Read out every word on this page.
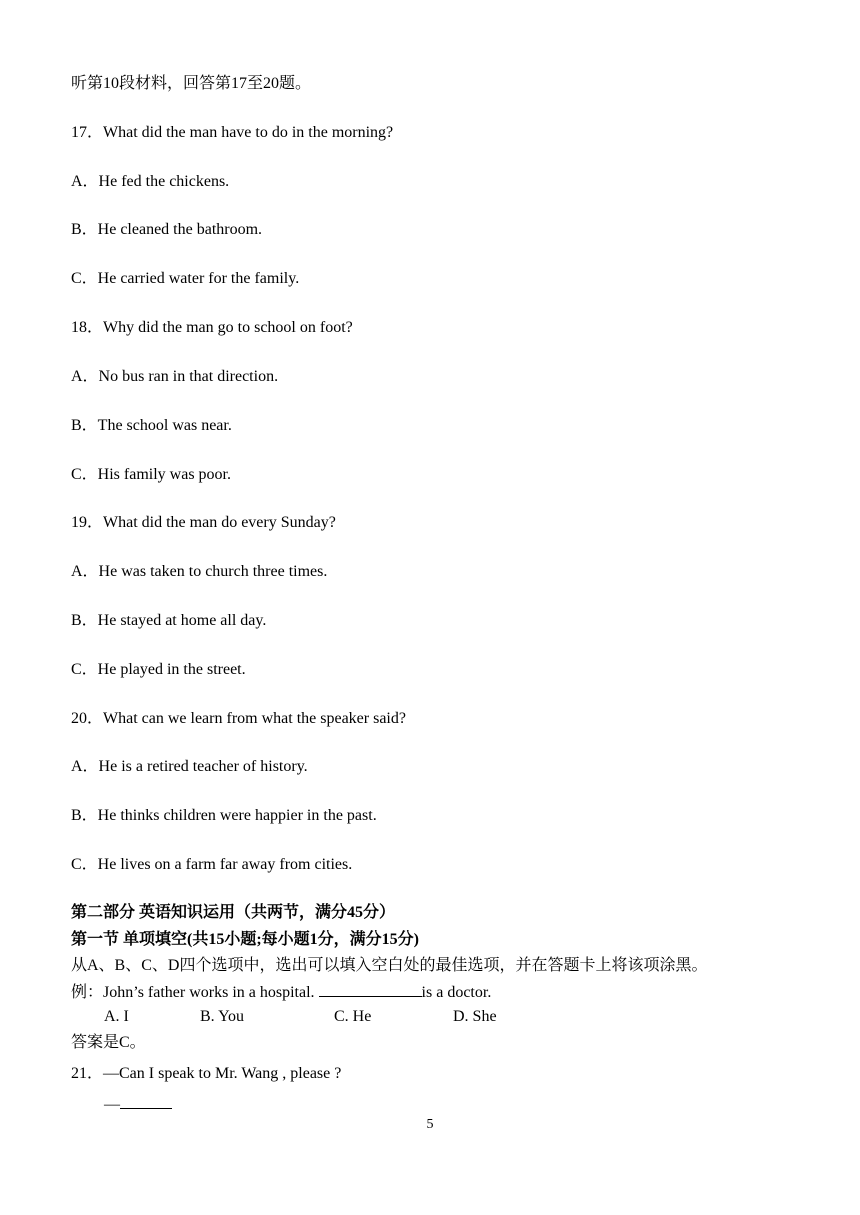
听第10段材料，回答第17至20题。
17．What did the man have to do in the morning?
A．He fed the chickens.
B．He cleaned the bathroom.
C．He carried water for the family.
18．Why did the man go to school on foot?
A．No bus ran in that direction.
B．The school was near.
C．His family was poor.
19．What did the man do every Sunday?
A．He was taken to church three times.
B．He stayed at home all day.
C．He played in the street.
20．What can we learn from what the speaker said?
A．He is a retired teacher of history.
B．He thinks children were happier in the past.
C．He lives on a farm far away from cities.
第二部分 英语知识运用（共两节，满分45分）
第一节 单项填空(共15小题;每小题1分，满分15分)
从A、B、C、D四个选项中，选出可以填入空白处的最佳选项，并在答题卡上将该项涂黑。
例：John’s father works in a hospital.	is a doctor.
A. I	B. You	C. He	D. She
答案是C。
21．—Can I speak to Mr. Wang , please ?
—
5
